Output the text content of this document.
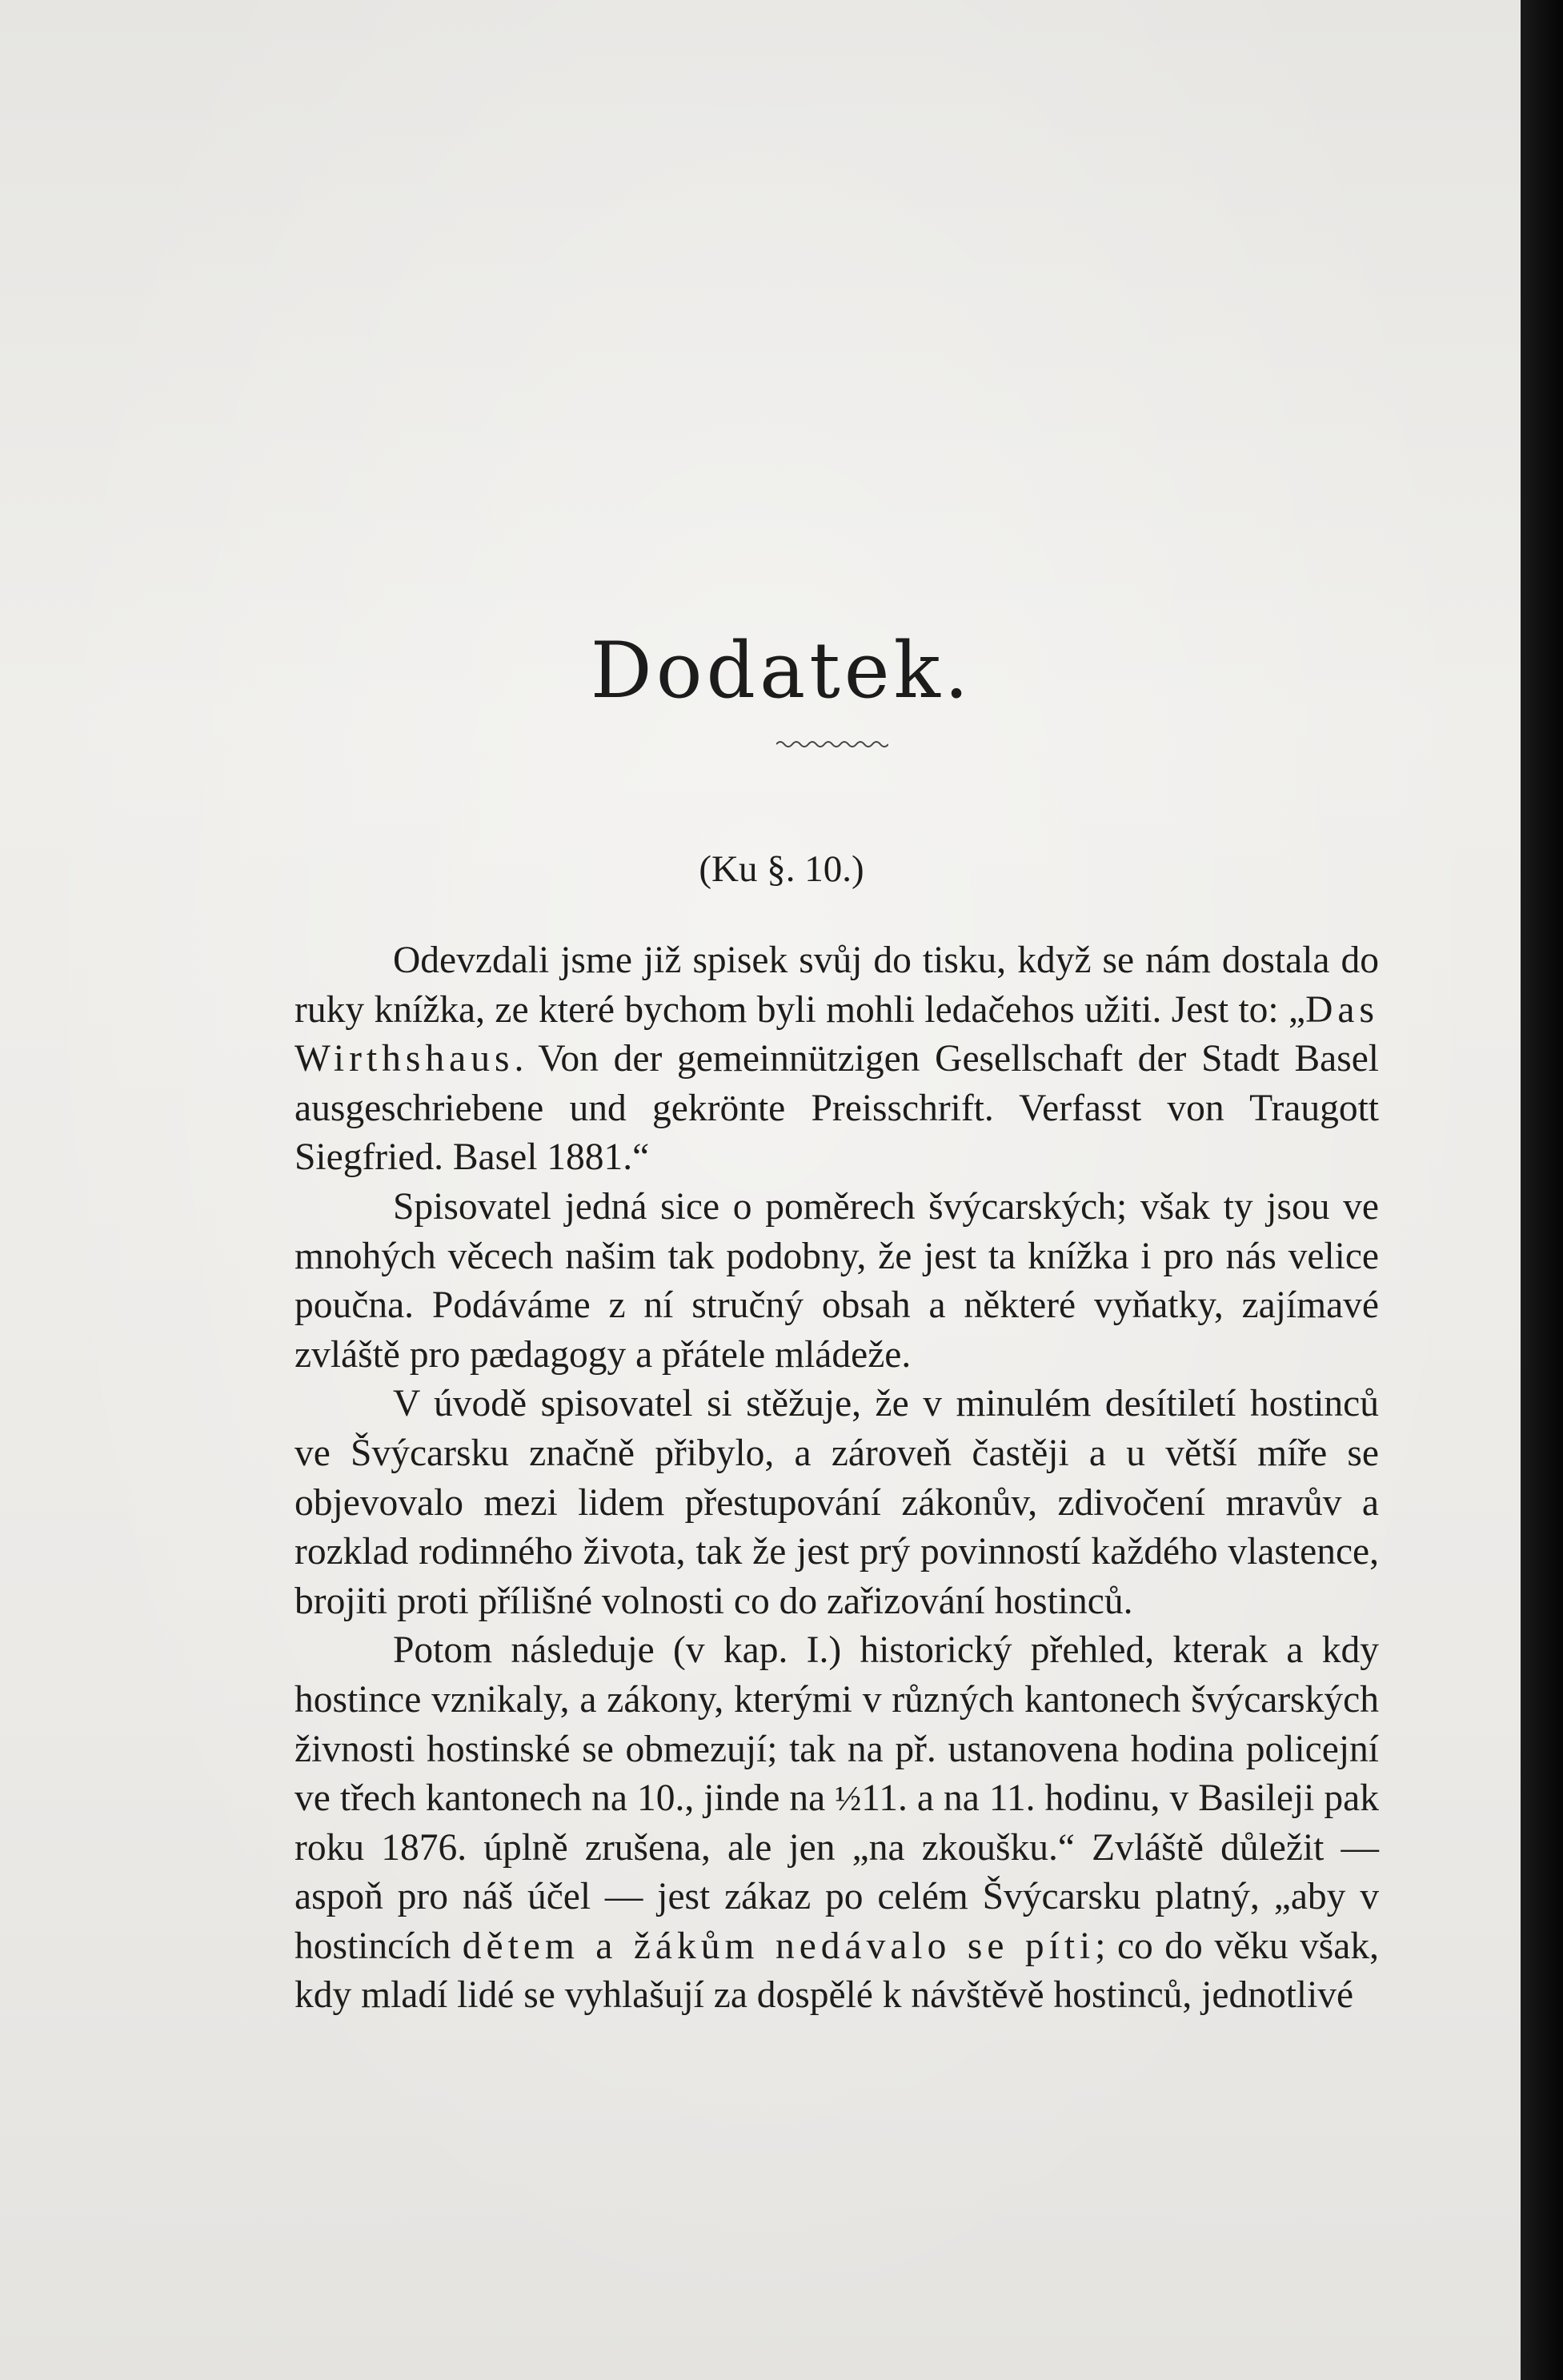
Dodatek.
(Ku §. 10.)

Odevzdali jsme již spisek svůj do tisku, když se nám dostala do ruky knížka, ze které bychom byli mohli ledačehos užiti. Jest to: „Das Wirthshaus. Von der gemeinnützigen Gesellschaft der Stadt Basel ausgeschriebene und gekrönte Preisschrift. Verfasst von Traugott Siegfried. Basel 1881.“

Spisovatel jedná sice o poměrech švýcarských; však ty jsou ve mnohých věcech našim tak podobny, že jest ta knížka i pro nás velice poučna. Podáváme z ní stručný obsah a některé vyňatky, zajímavé zvláště pro pædagogy a přátele mládeže.

V úvodě spisovatel si stěžuje, že v minulém desítiletí hostinců ve Švýcarsku značně přibylo, a zároveň častěji a u větší míře se objevovalo mezi lidem přestupování zákonův, zdivočení mravův a rozklad rodinného života, tak že jest prý povinností každého vlastence, brojiti proti přílišné volnosti co do zařizování hostinců.

Potom následuje (v kap. I.) historický přehled, kterak a kdy hostince vznikaly, a zákony, kterými v různých kantonech švýcarských živnosti hostinské se obmezují; tak na př. ustanovena hodina policejní ve třech kantonech na 10., jinde na ½11. a na 11. hodinu, v Basileji pak roku 1876. úplně zrušena, ale jen „na zkoušku.“ Zvláště důležit — aspoň pro náš účel — jest zákaz po celém Švýcarsku platný, „aby v hostincích dětem a žákům nedávalo se píti; co do věku však, kdy mladí lidé se vyhlašují za dospělé k návštěvě hostinců, jednotlivé
